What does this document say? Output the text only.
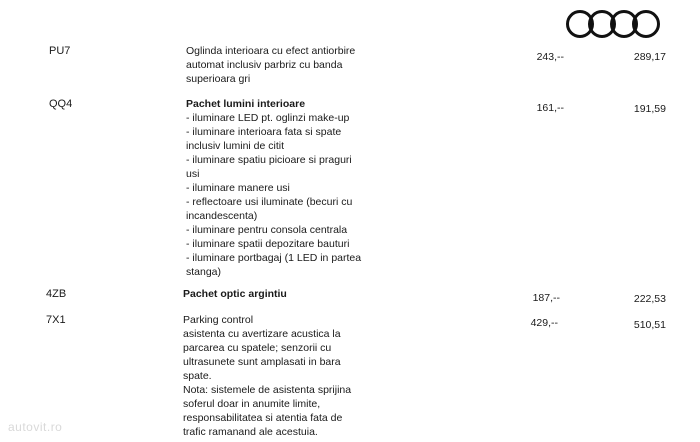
PU7	Oglinda interioara cu efect antiorbire
automat inclusiv parbriz cu banda
superioara gri
243,--	289,17
QQ4	Pachet lumini interioare
- iluminare LED pt. oglinzi make-up
- iluminare interioara fata si spate
inclusiv lumini de citit
- iluminare spatiu picioare si praguri
usi
- iluminare manere usi
- reflectoare usi iluminate (becuri cu
incandescenta)
- iluminare pentru consola centrala
- iluminare spatii depozitare bauturi
- iluminare portbagaj (1 LED in partea
stanga)
161,--	191,59
4ZB	Pachet optic argintiu	187,--	222,53
7X1	Parking control
asistenta cu avertizare acustica la
parcarea cu spatele; senzorii cu
ultrasunete sunt amplasati in bara
spate.
Nota: sistemele de asistenta sprijina
soferul doar in anumite limite,
responsabilitatea si atentia fata de
trafic ramanand ale acestuia.
429,--	510,51
autovit.ro
